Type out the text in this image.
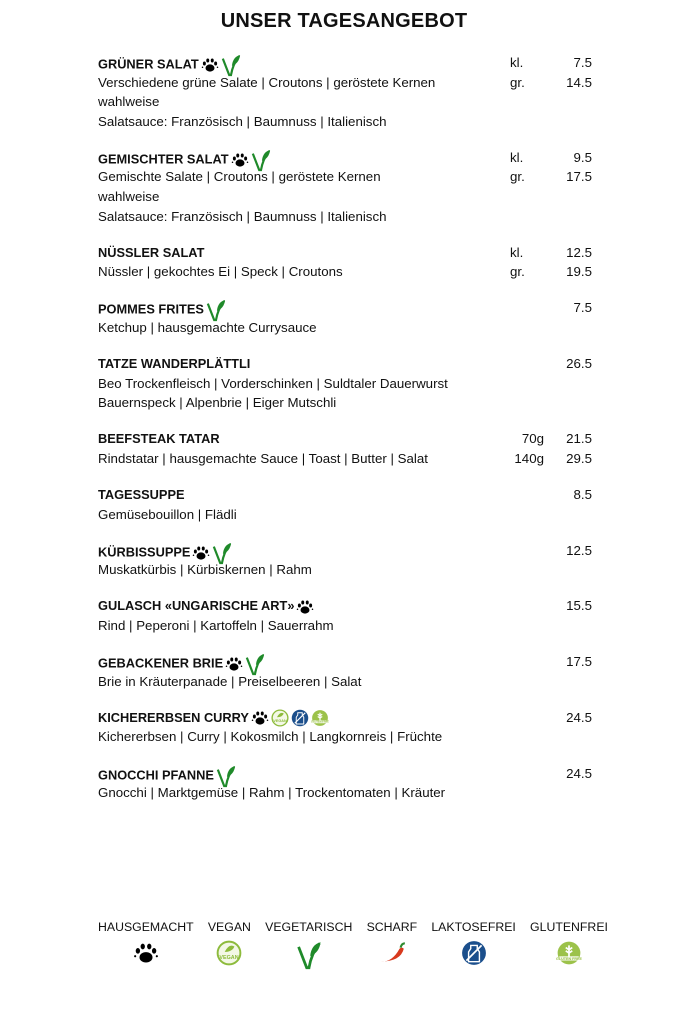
UNSER TAGESANGEBOT
GRÜNER SALAT	kl.	7.5
Verschiedene grüne Salate | Croutons | geröstete Kernen	gr.	14.5
wahlweise
Salatsauce: Französisch | Baumnuss | Italienisch
GEMISCHTER SALAT	kl.	9.5
Gemischte Salate | Croutons | geröstete Kernen	gr.	17.5
wahlweise
Salatsauce: Französisch | Baumnuss | Italienisch
NÜSSLER SALAT	kl.	12.5
Nüssler | gekochtes Ei | Speck | Croutons	gr.	19.5
POMMES FRITES	7.5
Ketchup | hausgemachte Currysauce
TATZE WANDERPLÄTTLI	26.5
Beo Trockenfleisch | Vorderschinken | Suldtaler Dauerwurst
Bauernspeck | Alpenbrie | Eiger Mutschli
BEEFSTEAK TATAR	70g	21.5
Rindstatar | hausgemachte Sauce | Toast | Butter | Salat	140g	29.5
TAGESSUPPE	8.5
Gemüsebouillon | Flädli
KÜRBISSUPPE	12.5
Muskatkürbis | Kürbiskernen | Rahm
GULASCH «UNGARISCHE ART»	15.5
Rind | Peperoni | Kartoffeln | Sauerrahm
GEBACKENER BRIE	17.5
Brie in Kräuterpanade | Preiselbeeren | Salat
KICHERERBSEN CURRY	VEGAN	GLUTEN FREE	24.5
Kichererbsen | Curry | Kokosmilch | Langkornreis | Früchte
GNOCCHI PFANNE	24.5
Gnocchi | Marktgemüse | Rahm | Trockentomaten | Kräuter
HAUSGEMACHT VEGAN
VEGAN
VEGETARISCH SCHARF LAKTOSEFREI GLUTENFREI
GLUTEN FREE
